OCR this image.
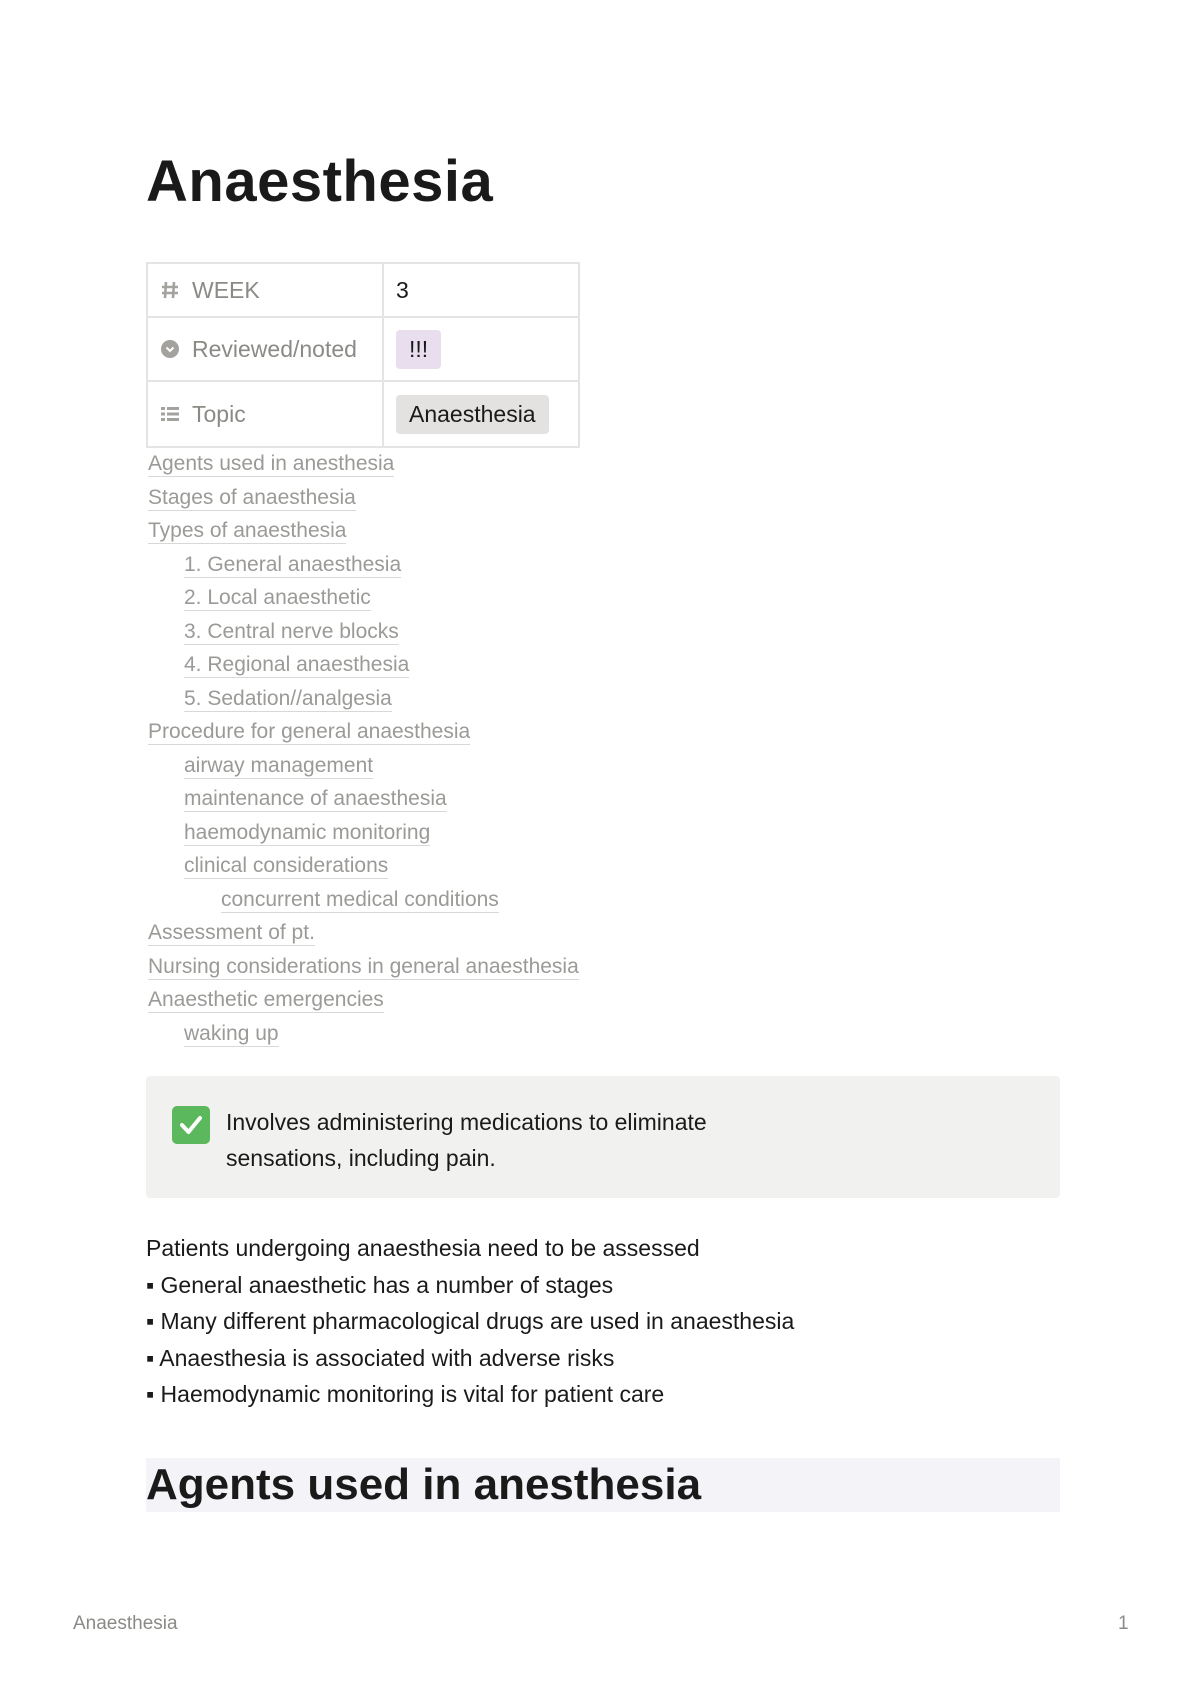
Anaesthesia
WEEK	3

Reviewed/noted	!!!

Topic	Anaesthesia
Agents used in anesthesia
Stages of anaesthesia
Types of anaesthesia
1. General anaesthesia
2. Local anaesthetic
3. Central nerve blocks
4. Regional anaesthesia
5. Sedation//analgesia
Procedure for general anaesthesia
airway management
maintenance of anaesthesia
haemodynamic monitoring
clinical considerations
concurrent medical conditions
Assessment of pt.
Nursing considerations in general anaesthesia
Anaesthetic emergencies
waking up
Involves administering medications to eliminate
sensations, including pain.
Patients undergoing anaesthesia need to be assessed
▪ General anaesthetic has a number of stages
▪ Many different pharmacological drugs are used in anaesthesia
▪ Anaesthesia is associated with adverse risks
▪ Haemodynamic monitoring is vital for patient care
Agents used in anesthesia
Anaesthesia	1
